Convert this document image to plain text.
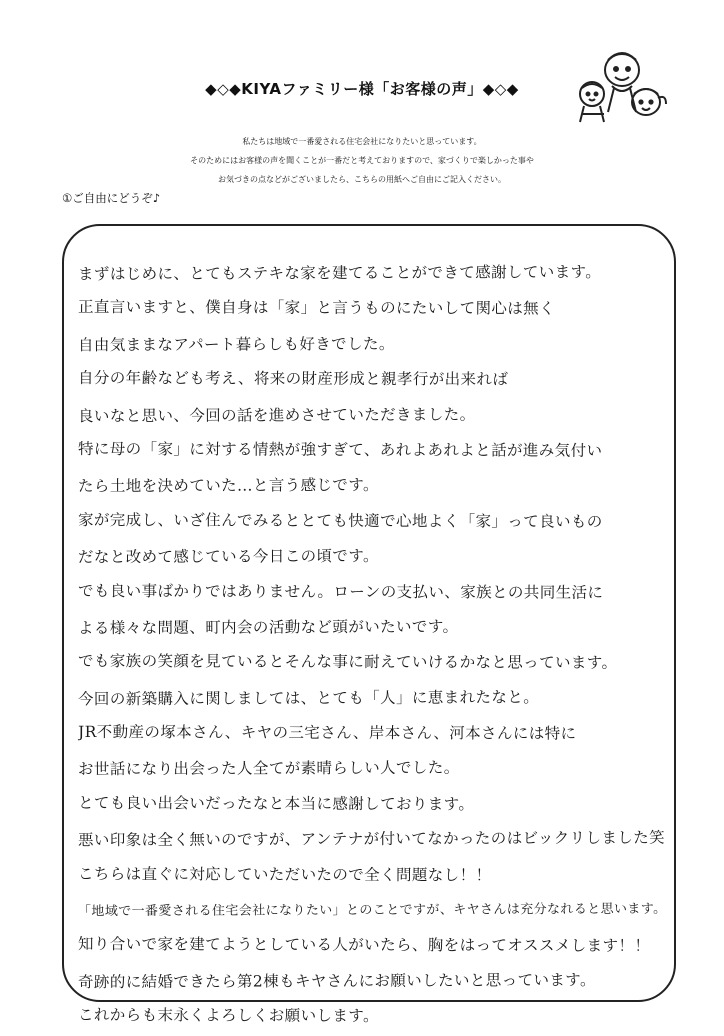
◆◇◆KIYAファミリー様「お客様の声」◆◇◆
私たちは地域で一番愛される住宅会社になりたいと思っています。
そのためにはお客様の声を聞くことが一番だと考えておりますので、家づくりで楽しかった事や
お気づきの点などがございましたら、こちらの用紙へご自由にご記入ください。
①ご自由にどうぞ♪
まずはじめに、とてもステキな家を建てることができて感謝しています。
正直言いますと、僕自身は「家」と言うものにたいして関心は無く
自由気ままなアパート暮らしも好きでした。
自分の年齢なども考え、将来の財産形成と親孝行が出来れば
良いなと思い、今回の話を進めさせていただきました。
特に母の「家」に対する情熱が強すぎて、あれよあれよと話が進み気付い
たら土地を決めていた…と言う感じです。
家が完成し、いざ住んでみるととても快適で心地よく「家」って良いもの
だなと改めて感じている今日この頃です。
でも良い事ばかりではありません。ローンの支払い、家族との共同生活に
よる様々な問題、町内会の活動など頭がいたいです。
でも家族の笑顔を見ているとそんな事に耐えていけるかなと思っています。
今回の新築購入に関しましては、とても「人」に恵まれたなと。
JR不動産の塚本さん、キヤの三宅さん、岸本さん、河本さんには特に
お世話になり出会った人全てが素晴らしい人でした。
とても良い出会いだったなと本当に感謝しております。
悪い印象は全く無いのですが、アンテナが付いてなかったのはビックリしました笑
こちらは直ぐに対応していただいたので全く問題なし！！
「地域で一番愛される住宅会社になりたい」とのことですが、キヤさんは充分なれると思います。
知り合いで家を建てようとしている人がいたら、胸をはってオススメします！！
奇跡的に結婚できたら第2棟もキヤさんにお願いしたいと思っています。
これからも末永くよろしくお願いします。
